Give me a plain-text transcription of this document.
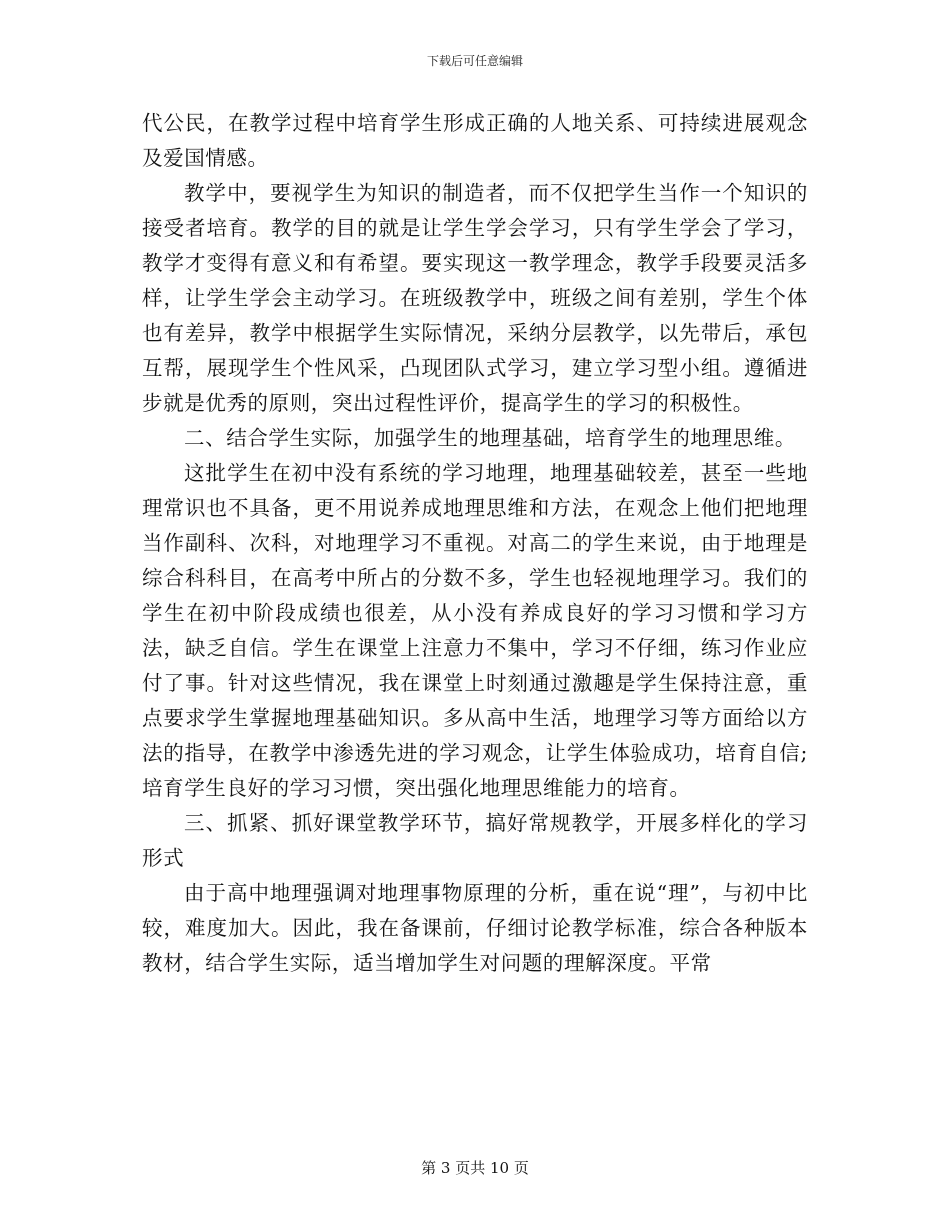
下载后可任意编辑

代公民，在教学过程中培育学生形成正确的人地关系、可持续进展观念及爱国情感。

教学中，要视学生为知识的制造者，而不仅把学生当作一个知识的接受者培育。教学的目的就是让学生学会学习，只有学生学会了学习，教学才变得有意义和有希望。要实现这一教学理念，教学手段要灵活多样，让学生学会主动学习。在班级教学中，班级之间有差别，学生个体也有差异，教学中根据学生实际情况，采纳分层教学，以先带后，承包互帮，展现学生个性风采，凸现团队式学习，建立学习型小组。遵循进步就是优秀的原则，突出过程性评价，提高学生的学习的积极性。

二、结合学生实际，加强学生的地理基础，培育学生的地理思维。

这批学生在初中没有系统的学习地理，地理基础较差，甚至一些地理常识也不具备，更不用说养成地理思维和方法，在观念上他们把地理当作副科、次科，对地理学习不重视。对高二的学生来说，由于地理是综合科科目，在高考中所占的分数不多，学生也轻视地理学习。我们的学生在初中阶段成绩也很差，从小没有养成良好的学习习惯和学习方法，缺乏自信。学生在课堂上注意力不集中，学习不仔细，练习作业应付了事。针对这些情况，我在课堂上时刻通过激趣是学生保持注意，重点要求学生掌握地理基础知识。多从高中生活，地理学习等方面给以方法的指导，在教学中渗透先进的学习观念，让学生体验成功，培育自信;培育学生良好的学习习惯，突出强化地理思维能力的培育。

三、抓紧、抓好课堂教学环节，搞好常规教学，开展多样化的学习形式

由于高中地理强调对地理事物原理的分析，重在说“理”，与初中比较，难度加大。因此，我在备课前，仔细讨论教学标准，综合各种版本教材，结合学生实际，适当增加学生对问题的理解深度。平常

第 3 页共 10 页
